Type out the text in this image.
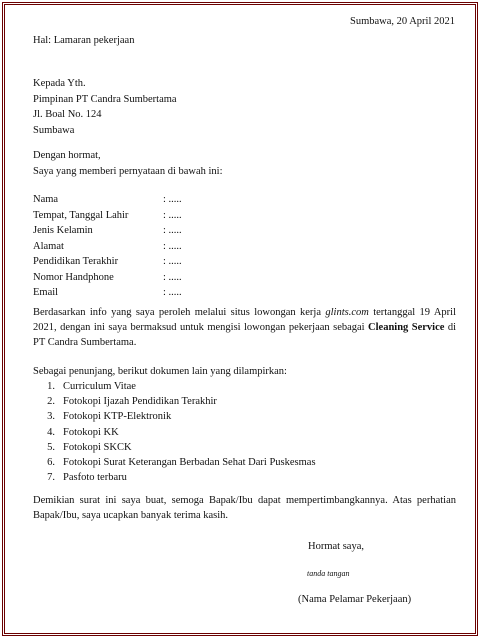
Sumbawa, 20 April 2021
Hal: Lamaran pekerjaan
Kepada Yth.
Pimpinan PT Candra Sumbertama
Jl. Boal No. 124
Sumbawa
Dengan hormat,
Saya yang memberi pernyataan di bawah ini:
Nama	: .....
Tempat, Tanggal Lahir	: .....
Jenis Kelamin	: .....
Alamat	: .....
Pendidikan Terakhir	: .....
Nomor Handphone	: .....
Email	: .....
Berdasarkan info yang saya peroleh melalui situs lowongan kerja glints.com tertanggal 19 April 2021, dengan ini saya bermaksud untuk mengisi lowongan pekerjaan sebagai Cleaning Service di PT Candra Sumbertama.
Sebagai penunjang, berikut dokumen lain yang dilampirkan:
1. Curriculum Vitae
2. Fotokopi Ijazah Pendidikan Terakhir
3. Fotokopi KTP-Elektronik
4. Fotokopi KK
5. Fotokopi SKCK
6. Fotokopi Surat Keterangan Berbadan Sehat Dari Puskesmas
7. Pasfoto terbaru
Demikian surat ini saya buat, semoga Bapak/Ibu dapat mempertimbangkannya. Atas perhatian Bapak/Ibu, saya ucapkan banyak terima kasih.
Hormat saya,
tanda tangan
(Nama Pelamar Pekerjaan)
